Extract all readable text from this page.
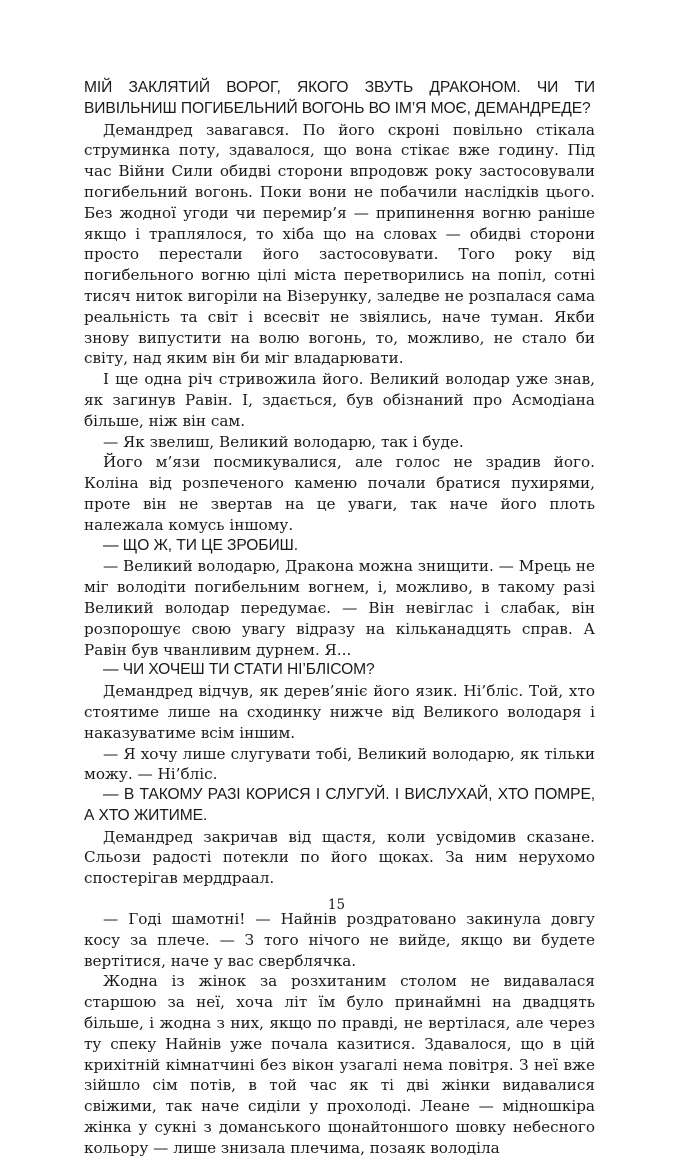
МІЙ ЗАКЛЯТИЙ ВОРОГ, ЯКОГО ЗВУТЬ ДРАКОНОМ. ЧИ ТИ ВИВІЛЬНИШ ПОГИБЕЛЬНИЙ ВОГОНЬ ВО ІМ’Я МОЄ, ДЕМАНДРЕДЕ?

Демандред завагався. По його скроні повільно стікала струминка поту, здавалося, що вона стікає вже годину. Під час Війни Сили обидві сторони впродовж року застосовували погибельний вогонь. Поки вони не побачили наслідків цього. Без жодної угоди чи перемир’я — припинення вогню раніше якщо і траплялося, то хіба що на словах — обидві сторони просто перестали його застосовувати. Того року від погибельного вогню цілі міста перетворились на попіл, сотні тисяч ниток вигоріли на Візерунку, заледве не розпалася сама реальність та світ і всесвіт не звіялись, наче туман. Якби знову випустити на волю вогонь, то, можливо, не стало би світу, над яким він би міг владарювати.

І ще одна річ стривожила його. Великий володар уже знав, як загинув Равін. І, здається, був обізнаний про Асмодіана більше, ніж він сам.

— Як звелиш, Великий володарю, так і буде.

Його м’язи посмикувалися, але голос не зрадив його. Коліна від розпеченого каменю почали братися пухирями, проте він не звертав на це уваги, так наче його плоть належала комусь іншому.

— ЩО Ж, ТИ ЦЕ ЗРОБИШ.

— Великий володарю, Дракона можна знищити. — Мрець не міг володіти погибельним вогнем, і, можливо, в такому разі Великий володар передумає. — Він невіглас і слабак, він розпорошує свою увагу відразу на кільканадцять справ. А Равін був чванливим дурнем. Я...

— ЧИ ХОЧЕШ ТИ СТАТИ НІ’БЛІСОМ?

Демандред відчув, як дерев’яніє його язик. Ні’бліс. Той, хто стоятиме лише на сходинку нижче від Великого володаря і наказуватиме всім іншим.

— Я хочу лише слугувати тобі, Великий володарю, як тільки можу. — Ні’бліс.

— В ТАКОМУ РАЗІ КОРИСЯ І СЛУГУЙ. І ВИСЛУХАЙ, ХТО ПОМРЕ, А ХТО ЖИТИМЕ.

Демандред закричав від щастя, коли усвідомив сказане. Сльози радості потекли по його щоках. За ним нерухомо спостерігав мерддраал.

— Годі шамотні! — Найнів роздратовано закинула довгу косу за плече. — З того нічого не вийде, якщо ви будете вертітися, наче у вас сверблячка.

Жодна із жінок за розхитаним столом не видавалася старшою за неї, хоча літ їм було принаймні на двадцять більше, і жодна з них, якщо по правді, не вертілася, але через ту спеку Найнів уже почала казитися. Здавалося, що в цій крихітній кімнатчині без вікон узагалі нема повітря. З неї вже зійшло сім потів, в той час як ті дві жінки видавалися свіжими, так наче сиділи у прохолоді. Леане — мідношкіра жінка у сукні з доманського щонайтоншого шовку небесного кольору — лише знизала плечима, позаяк володіла

15
